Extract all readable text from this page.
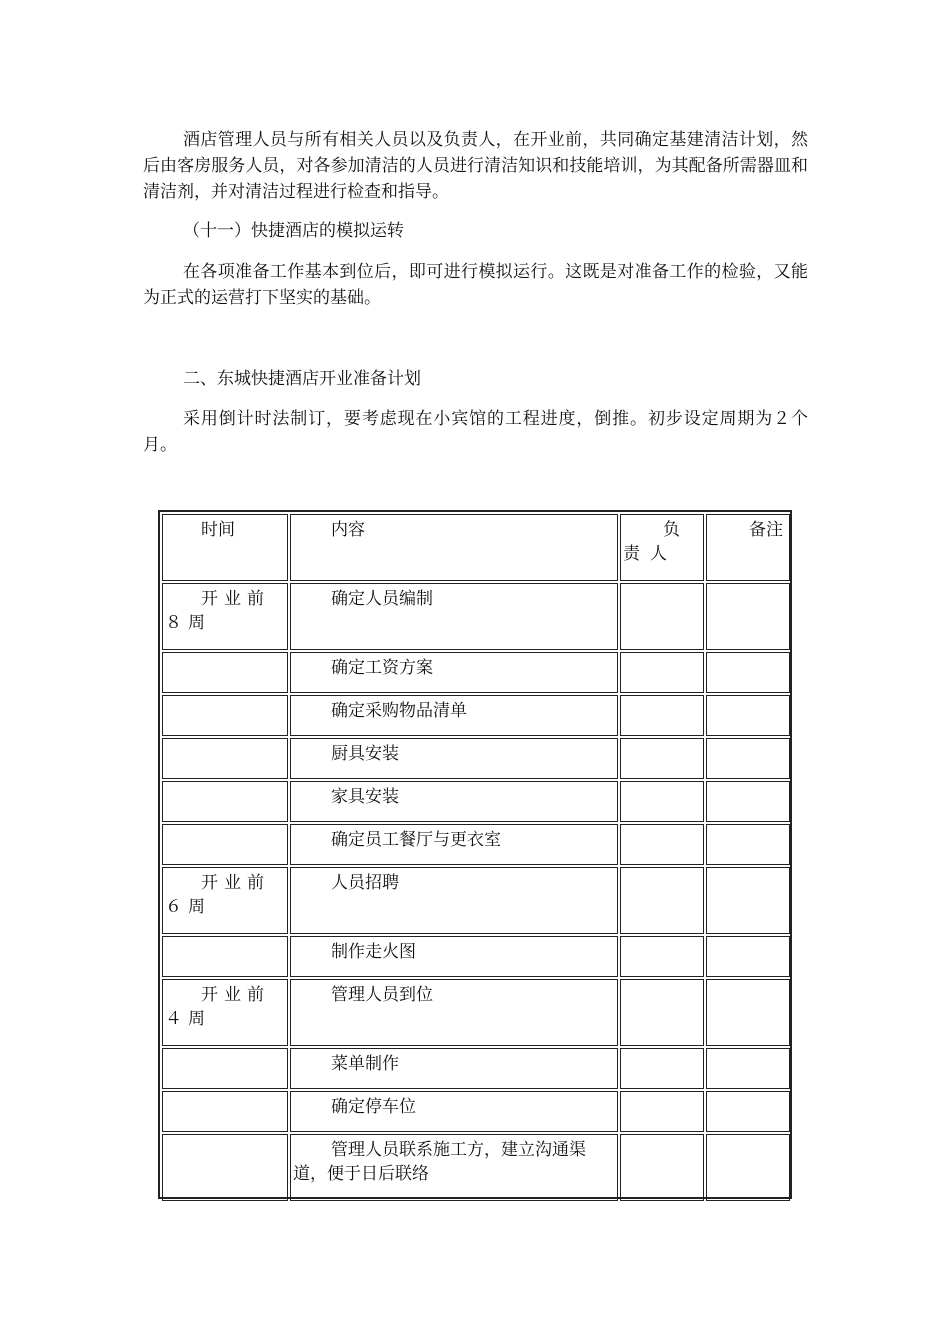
酒店管理人员与所有相关人员以及负责人，在开业前，共同确定基建清洁计划，然后由客房服务人员，对各参加清洁的人员进行清洁知识和技能培训，为其配备所需器皿和清洁剂，并对清洁过程进行检查和指导。

（十一）快捷酒店的模拟运转

在各项准备工作基本到位后，即可进行模拟运行。这既是对准备工作的检验，又能为正式的运营打下坚实的基础。

二、东城快捷酒店开业准备计划

采用倒计时法制订，要考虑现在小宾馆的工程进度，倒推。初步设定周期为２个月。

时间	内容	负责人	备注
开业前８周	确定人员编制		
	确定工资方案		
	确定采购物品清单		
	厨具安装		
	家具安装		
	确定员工餐厅与更衣室		
开业前６周	人员招聘		
	制作走火图		
开业前４周	管理人员到位		
	菜单制作		
	确定停车位		
	管理人员联系施工方，建立沟通渠道，便于日后联络		
